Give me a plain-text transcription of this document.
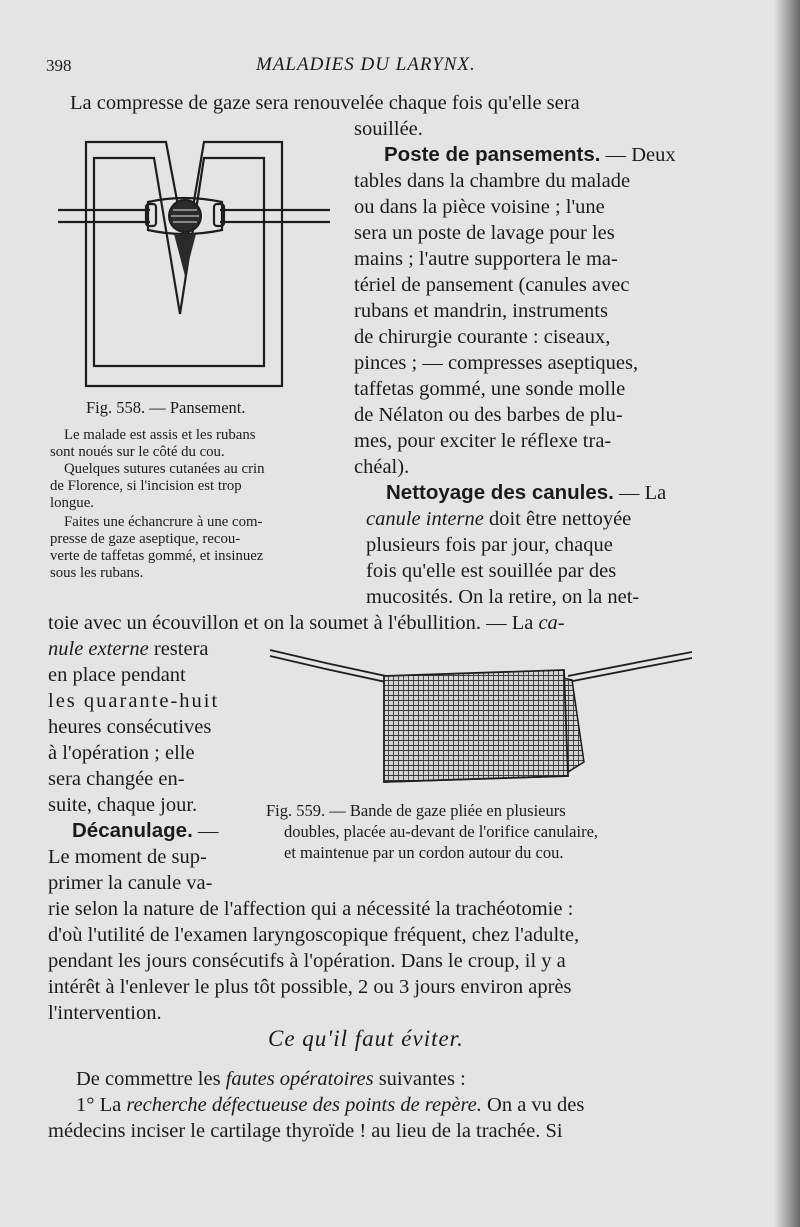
398	MALADIES DU LARYNX.
La compresse de gaze sera renouvelée chaque fois qu'elle sera
souillée.
Fig. 558. — Pansement.
Le malade est assis et les rubans
sont noués sur le côté du cou.
Quelques sutures cutanées au crin
de Florence, si l'incision est trop
longue.
Faites une échancrure à une com-
presse de gaze aseptique, recou-
verte de taffetas gommé, et insinuez
sous les rubans.
Poste de pansements. — Deux
tables dans la chambre du malade
ou dans la pièce voisine ; l'une
sera un poste de lavage pour les
mains ; l'autre supportera le ma-
tériel de pansement (canules avec
rubans et mandrin, instruments
de chirurgie courante : ciseaux,
pinces ; — compresses aseptiques,
taffetas gommé, une sonde molle
de Nélaton ou des barbes de plu-
mes, pour exciter le réflexe tra-
chéal).
Nettoyage des canules. — La
canule interne doit être nettoyée
plusieurs fois par jour, chaque
fois qu'elle est souillée par des
mucosités. On la retire, on la net-
toie avec un écouvillon et on la soumet à l'ébullition. — La ca-
nule externe restera
en place pendant
les quarante-huit
heures consécutives
à l'opération ; elle
sera changée en-
suite, chaque jour.	Fig. 559. — Bande de gaze pliée en plusieurs
doubles, placée au-devant de l'orifice canulaire,
et maintenue par un cordon autour du cou.
Décanulage. —
Le moment de sup-
primer la canule va-
rie selon la nature de l'affection qui a nécessité la trachéotomie :
d'où l'utilité de l'examen laryngoscopique fréquent, chez l'adulte,
pendant les jours consécutifs à l'opération. Dans le croup, il y a
intérêt à l'enlever le plus tôt possible, 2 ou 3 jours environ après
l'intervention.
Ce qu'il faut éviter.
De commettre les fautes opératoires suivantes :
1° La recherche défectueuse des points de repère. On a vu des
médecins inciser le cartilage thyroïde ! au lieu de la trachée. Si
